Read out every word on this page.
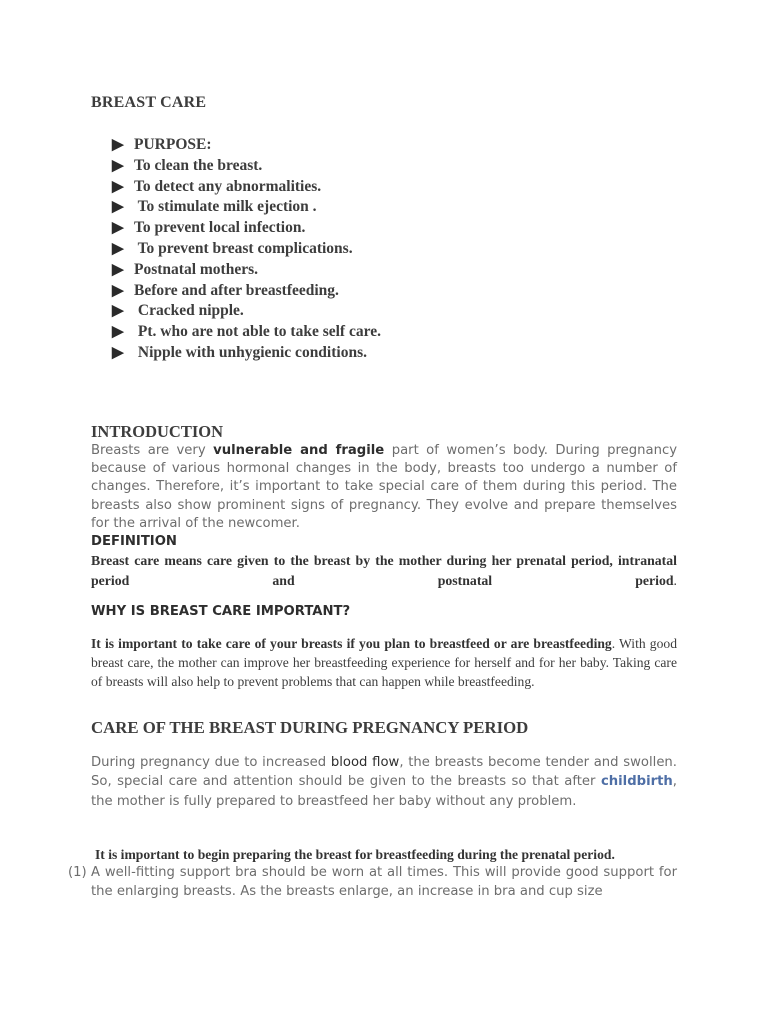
BREAST CARE
▶ PURPOSE:
▶ To clean the breast.
▶ To detect any abnormalities.
▶ To stimulate milk ejection .
▶ To prevent local infection.
▶ To prevent breast complications.
▶ Postnatal mothers.
▶ Before and after breastfeeding.
▶ Cracked nipple.
▶ Pt. who are not able to take self care.
▶ Nipple with unhygienic conditions.
INTRODUCTION

Breasts are very vulnerable and fragile part of women’s body. During pregnancy because of various hormonal changes in the body, breasts too undergo a number of changes. Therefore, it’s important to take special care of them during this period. The breasts also show prominent signs of pregnancy. They evolve and prepare themselves for the arrival of the newcomer.

DEFINITION

Breast care means care given to the breast by the mother during her prenatal period, intranatal period and postnatal period.

WHY IS BREAST CARE IMPORTANT?

It is important to take care of your breasts if you plan to breastfeed or are breastfeeding. With good breast care, the mother can improve her breastfeeding experience for herself and for her baby. Taking care of breasts will also help to prevent problems that can happen while breastfeeding.

CARE OF THE BREAST DURING PREGNANCY PERIOD

During pregnancy due to increased blood flow, the breasts become tender and swollen. So, special care and attention should be given to the breasts so that after childbirth, the mother is fully prepared to breastfeed her baby without any problem.

It is important to begin preparing the breast for breastfeeding during the prenatal period.

(1) A well-fitting support bra should be worn at all times. This will provide good support for the enlarging breasts. As the breasts enlarge, an increase in bra and cup size
